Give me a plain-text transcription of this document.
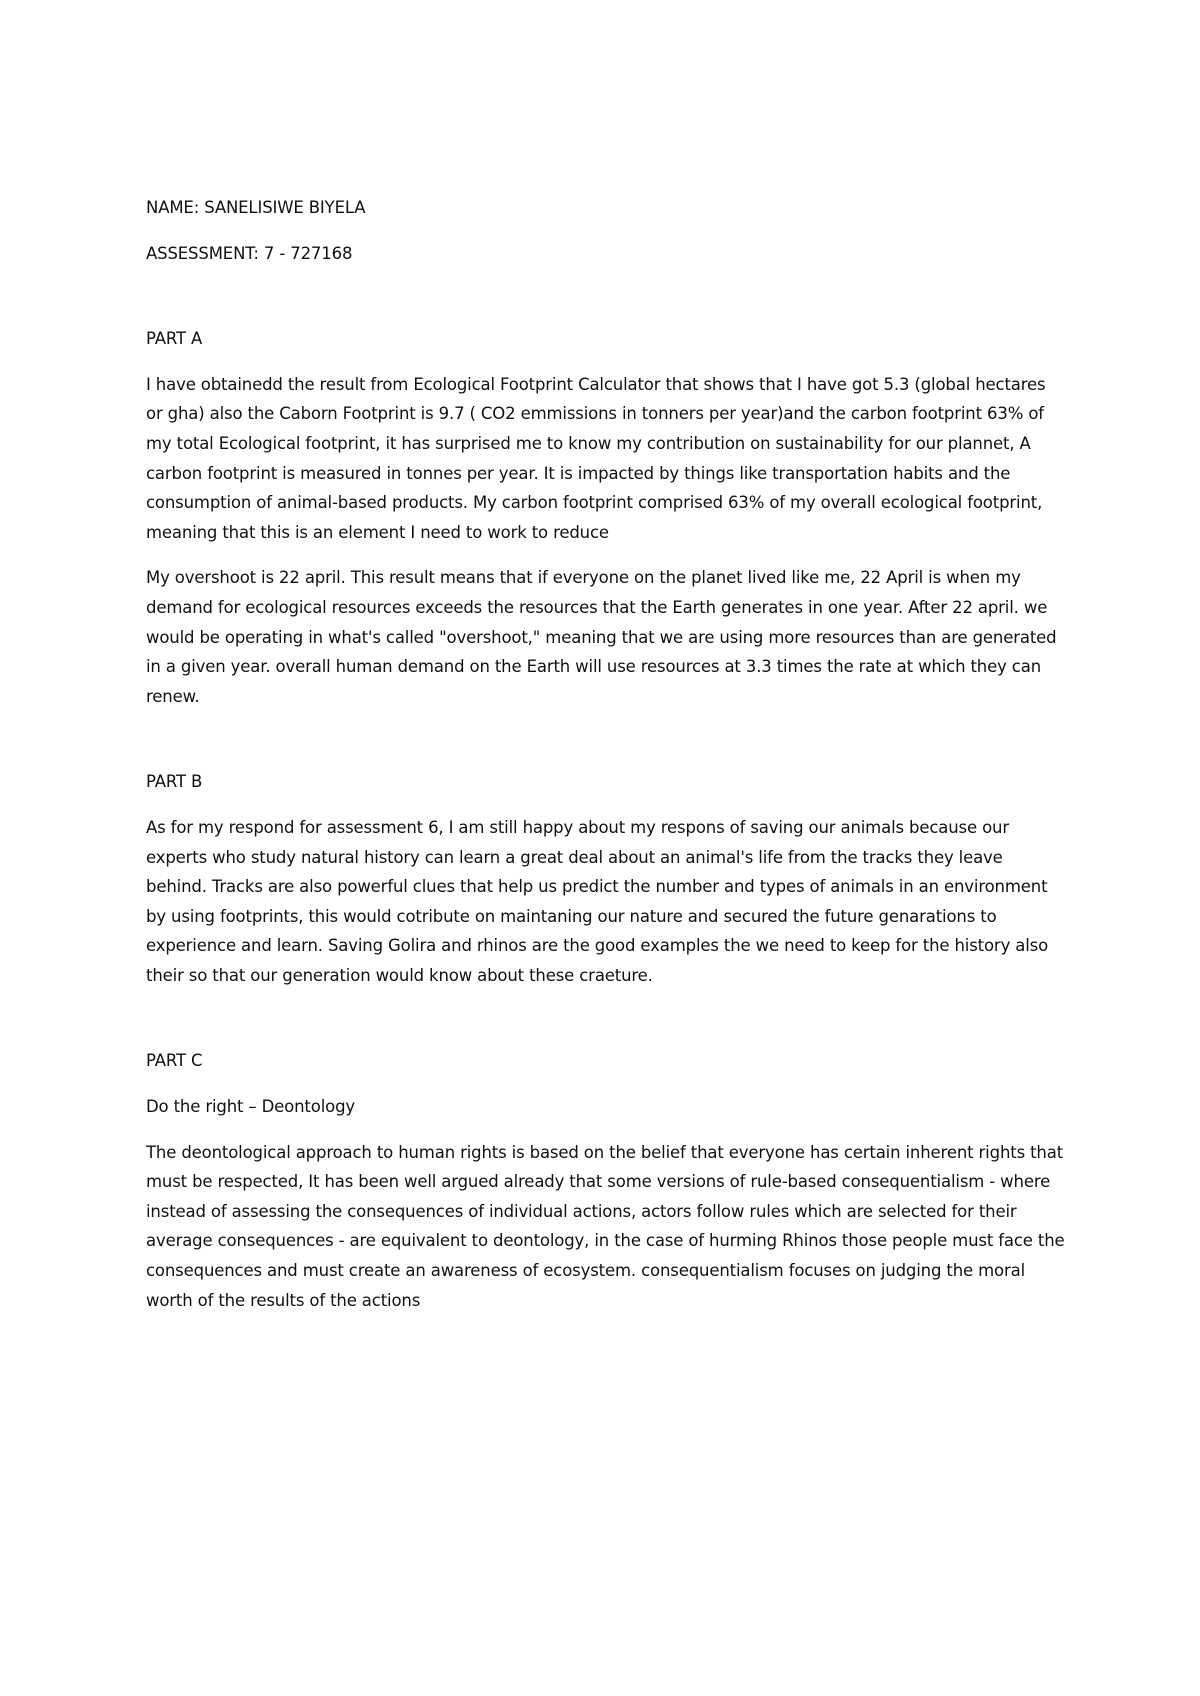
NAME: SANELISIWE BIYELA

ASSESSMENT: 7 - 727168

PART A

I have obtainedd the result from Ecological Footprint Calculator that shows that I have got 5.3 (global hectares or gha) also the Caborn Footprint is 9.7 ( CO2 emmissions in tonners per year)and the carbon footprint 63% of my total Ecological footprint, it has surprised me to know my contribution on sustainability for our plannet, A carbon footprint is measured in tonnes per year. It is impacted by things like transportation habits and the consumption of animal-based products. My carbon footprint comprised 63% of my overall ecological footprint, meaning that this is an element I need to work to reduce

My overshoot is 22 april. This result means that if everyone on the planet lived like me, 22 April is when my demand for ecological resources exceeds the resources that the Earth generates in one year. After 22 april. we would be operating in what's called "overshoot," meaning that we are using more resources than are generated in a given year. overall human demand on the Earth will use resources at 3.3 times the rate at which they can renew.

PART B

As for my respond for assessment 6, I am still happy about my respons of saving our animals because our experts who study natural history can learn a great deal about an animal's life from the tracks they leave behind. Tracks are also powerful clues that help us predict the number and types of animals in an environment by using footprints, this would cotribute on maintaning our nature and secured the future genarations to experience and learn. Saving Golira and rhinos are the good examples the we need to keep for the history also their so that our generation would know about these craeture.

PART C

Do the right – Deontology

The deontological approach to human rights is based on the belief that everyone has certain inherent rights that must be respected, It has been well argued already that some versions of rule-based consequentialism - where instead of assessing the consequences of individual actions, actors follow rules which are selected for their average consequences - are equivalent to deontology, in the case of hurming Rhinos those people must face the consequences and must create an awareness of ecosystem. consequentialism focuses on judging the moral worth of the results of the actions
